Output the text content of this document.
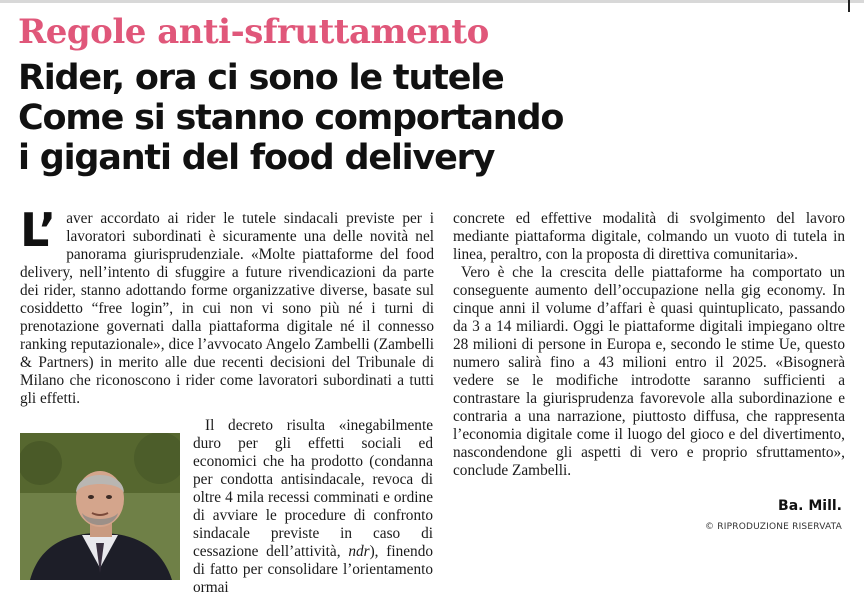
Regole anti-sfruttamento
Rider, ora ci sono le tutele
Come si stanno comportando
i giganti del food delivery

L’ aver accordato ai rider le tutele sindacali previste per i lavoratori subordinati è sicuramente una delle novità nel panorama giurisprudenziale. «Molte piattaforme del food delivery, nell’intento di sfuggire a future rivendicazioni da parte dei rider, stanno adottando forme organizzative diverse, basate sul cosiddetto “free login”, in cui non vi sono più né i turni di prenotazione governati dalla piattaforma digitale né il connesso ranking reputazionale», dice l’avvocato Angelo Zambelli (Zambelli & Partners) in merito alle due recenti decisioni del Tribunale di Milano che riconoscono i rider come lavoratori subordinati a tutti gli effetti.

Il decreto risulta «inegabilmente duro per gli effetti sociali ed economici che ha prodotto (condanna per condotta antisindacale, revoca di oltre 4 mila recessi comminati e ordine di avviare le procedure di confronto sindacale previste in caso di cessazione dell’attività, ndr), finendo di fatto per consolidare l’orientamento ormai

concrete ed effettive modalità di svolgimento del lavoro mediante piattaforma digitale, colmando un vuoto di tutela in linea, peraltro, con la proposta di direttiva comunitaria».

Vero è che la crescita delle piattaforme ha comportato un conseguente aumento dell’occupazione nella gig economy. In cinque anni il volume d’affari è quasi quintuplicato, passando da 3 a 14 miliardi. Oggi le piattaforme digitali impiegano oltre 28 milioni di persone in Europa e, secondo le stime Ue, questo numero salirà fino a 43 milioni entro il 2025. «Bisognerà vedere se le modifiche introdotte saranno sufficienti a contrastare la giurisprudenza favorevole alla subordinazione e contraria a una narrazione, piuttosto diffusa, che rappresenta l’economia digitale come il luogo del gioco e del divertimento, nascondendone gli aspetti di vero e proprio sfruttamento», conclude Zambelli.

Ba. Mill.
© RIPRODUZIONE RISERVATA
